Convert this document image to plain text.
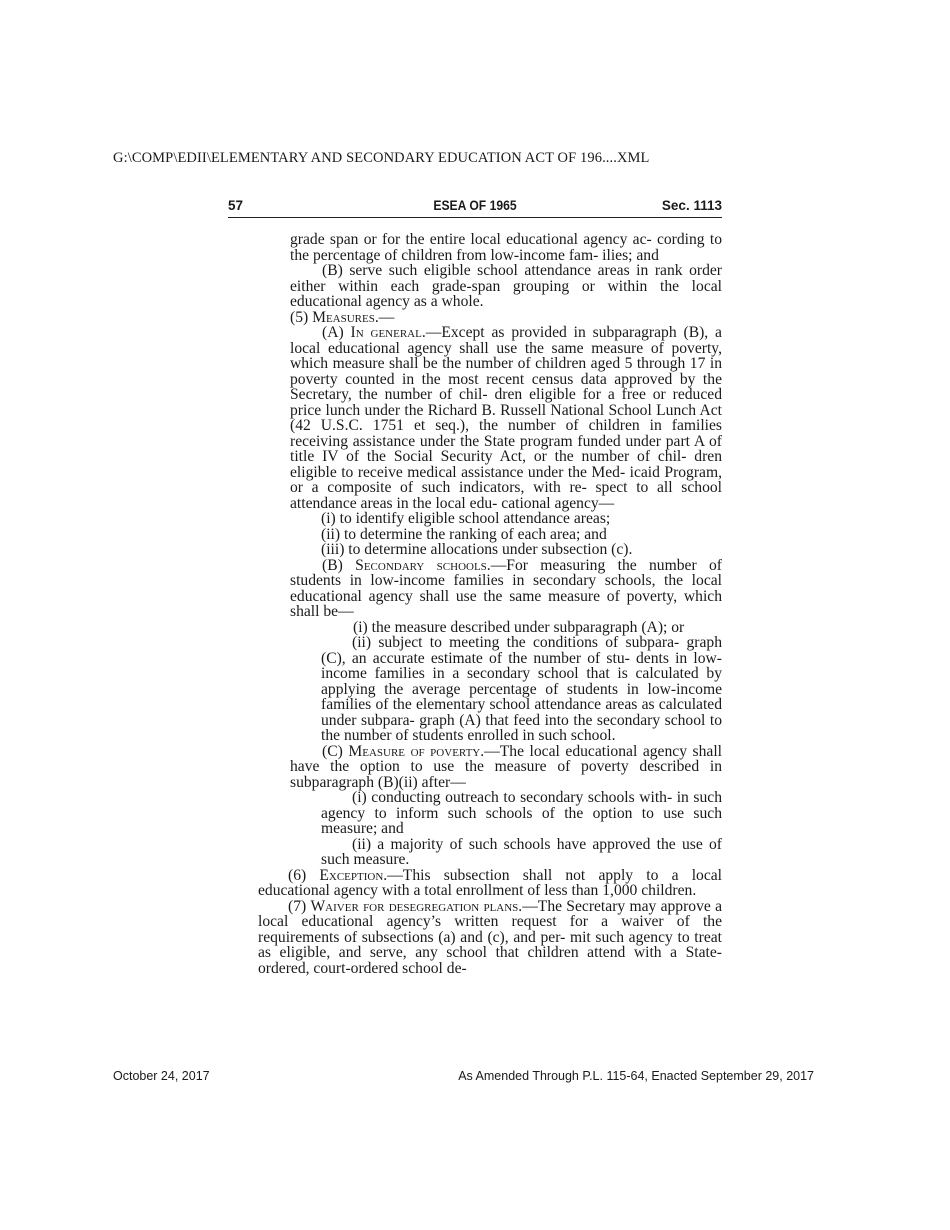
G:\COMP\EDII\ELEMENTARY AND SECONDARY EDUCATION ACT OF 196....XML
57	ESEA OF 1965	Sec. 1113

grade span or for the entire local educational agency ac- cording to the percentage of children from low-income fam- ilies; and

(B) serve such eligible school attendance areas in rank order either within each grade-span grouping or within the local educational agency as a whole.

(5) Measures.—

(A) In general.—Except as provided in subparagraph (B), a local educational agency shall use the same measure of poverty, which measure shall be the number of children aged 5 through 17 in poverty counted in the most recent census data approved by the Secretary, the number of chil- dren eligible for a free or reduced price lunch under the Richard B. Russell National School Lunch Act (42 U.S.C. 1751 et seq.), the number of children in families receiving assistance under the State program funded under part A of title IV of the Social Security Act, or the number of chil- dren eligible to receive medical assistance under the Med- icaid Program, or a composite of such indicators, with re- spect to all school attendance areas in the local edu- cational agency—

(i) to identify eligible school attendance areas;

(ii) to determine the ranking of each area; and

(iii) to determine allocations under subsection (c).

(B) Secondary schools.—For measuring the number of students in low-income families in secondary schools, the local educational agency shall use the same measure of poverty, which shall be—

(i) the measure described under subparagraph (A); or

(ii) subject to meeting the conditions of subpara- graph (C), an accurate estimate of the number of stu- dents in low-income families in a secondary school that is calculated by applying the average percentage of students in low-income families of the elementary school attendance areas as calculated under subpara- graph (A) that feed into the secondary school to the number of students enrolled in such school.

(C) Measure of poverty.—The local educational agency shall have the option to use the measure of poverty described in subparagraph (B)(ii) after—

(i) conducting outreach to secondary schools with- in such agency to inform such schools of the option to use such measure; and

(ii) a majority of such schools have approved the use of such measure.

(6) Exception.—This subsection shall not apply to a local educational agency with a total enrollment of less than 1,000 children.

(7) Waiver for desegregation plans.—The Secretary may approve a local educational agency’s written request for a waiver of the requirements of subsections (a) and (c), and per- mit such agency to treat as eligible, and serve, any school that children attend with a State-ordered, court-ordered school de-

October 24, 2017	As Amended Through P.L. 115-64, Enacted September 29, 2017
